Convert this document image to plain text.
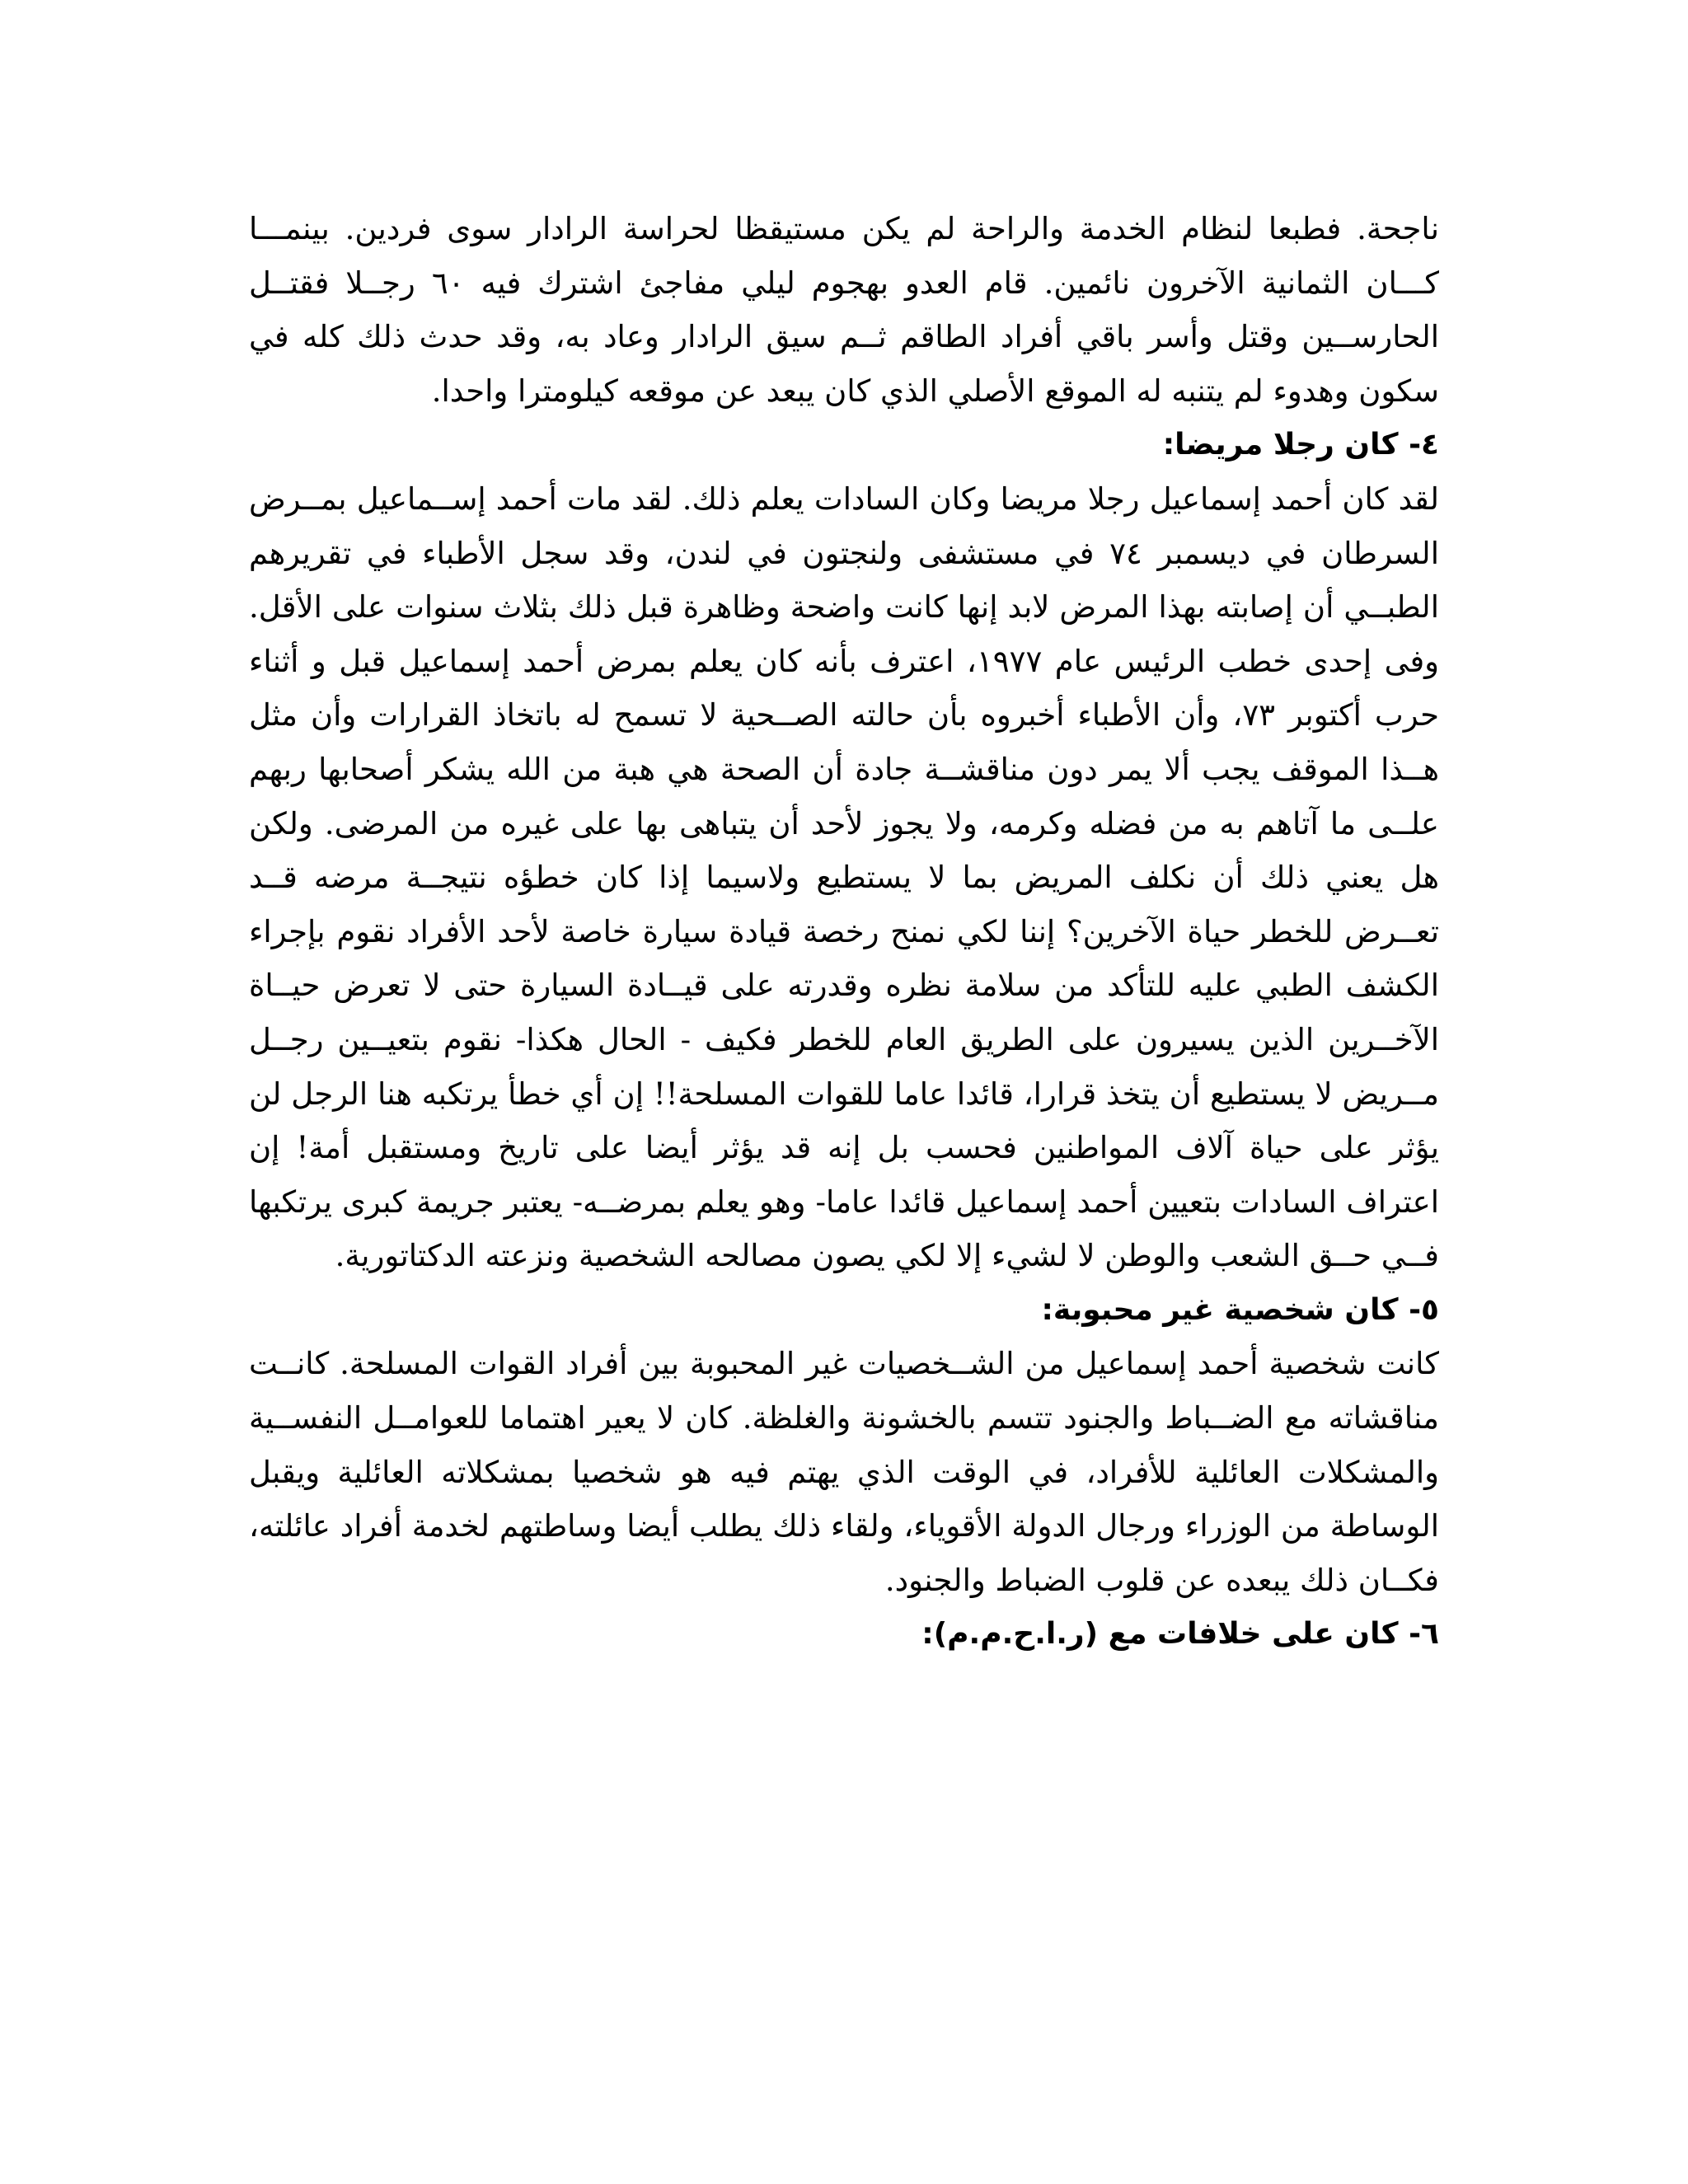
ناجحة. فطبعا لنظام الخدمة والراحة لم يكن مستيقظا لحراسة الرادار سوى فردين. بينمـــا كـــان الثمانية الآخرون نائمين. قام العدو بهجوم ليلي مفاجئ اشترك فيه ٦٠ رجــلا فقتــل الحارســين وقتل وأسر باقي أفراد الطاقم ثــم سيق الرادار وعاد به، وقد حدث ذلك كله في سكون وهدوء لم يتنبه له الموقع الأصلي الذي كان يبعد عن موقعه كيلومترا واحدا.

٤- كان رجلا مريضا:

لقد كان أحمد إسماعيل رجلا مريضا وكان السادات يعلم ذلك. لقد مات أحمد إســماعيل بمــرض السرطان في ديسمبر ٧٤ في مستشفى ولنجتون في لندن، وقد سجل الأطباء في تقريرهم الطبــي أن إصابته بهذا المرض لابد إنها كانت واضحة وظاهرة قبل ذلك بثلاث سنوات على الأقل. وفى إحدى خطب الرئيس عام ١٩٧٧، اعترف بأنه كان يعلم بمرض أحمد إسماعيل قبل و أثناء حرب أكتوبر ٧٣، وأن الأطباء أخبروه بأن حالته الصــحية لا تسمح له باتخاذ القرارات وأن مثل هــذا الموقف يجب ألا يمر دون مناقشــة جادة أن الصحة هي هبة من الله يشكر أصحابها ربهم علــى ما آتاهم به من فضله وكرمه، ولا يجوز لأحد أن يتباهى بها على غيره من المرضى. ولكن هل يعني ذلك أن نكلف المريض بما لا يستطيع ولاسيما إذا كان خطؤه نتيجــة مرضه قــد تعــرض للخطر حياة الآخرين؟ إننا لكي نمنح رخصة قيادة سيارة خاصة لأحد الأفراد نقوم بإجراء الكشف الطبي عليه للتأكد من سلامة نظره وقدرته على قيــادة السيارة حتى لا تعرض حيــاة الآخــرين الذين يسيرون على الطريق العام للخطر فكيف - الحال هكذا- نقوم بتعيــين رجــل مــريض لا يستطيع أن يتخذ قرارا، قائدا عاما للقوات المسلحة!! إن أي خطأ يرتكبه هنا الرجل لن يؤثر على حياة آلاف المواطنين فحسب بل إنه قد يؤثر أيضا على تاريخ ومستقبل أمة! إن اعتراف السادات بتعيين أحمد إسماعيل قائدا عاما- وهو يعلم بمرضــه- يعتبر جريمة كبرى يرتكبها فــي حــق الشعب والوطن لا لشيء إلا لكي يصون مصالحه الشخصية ونزعته الدكتاتورية.

٥- كان شخصية غير محبوبة:

كانت شخصية أحمد إسماعيل من الشــخصيات غير المحبوبة بين أفراد القوات المسلحة. كانــت مناقشاته مع الضــباط والجنود تتسم بالخشونة والغلظة. كان لا يعير اهتماما للعوامــل النفســية والمشكلات العائلية للأفراد، في الوقت الذي يهتم فيه هو شخصيا بمشكلاته العائلية ويقبل الوساطة من الوزراء ورجال الدولة الأقوياء، ولقاء ذلك يطلب أيضا وساطتهم لخدمة أفراد عائلته، فكــان ذلك يبعده عن قلوب الضباط والجنود.

٦- كان على خلافات مع (ر.ا.ح.م.م):
